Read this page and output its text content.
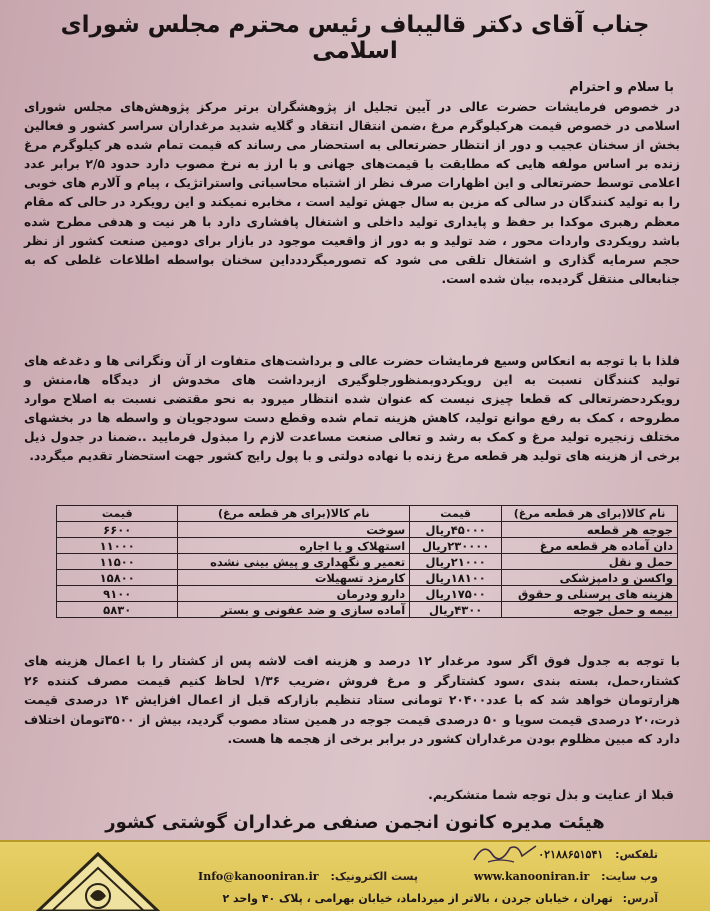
جناب آقای دکتر قالیباف رئیس محترم مجلس شورای اسلامی
با سلام و احترام
در خصوص فرمایشات حضرت عالی در آیین تجلیل از پژوهشگران برتر مرکز پژوهش‌های مجلس شورای اسلامی در خصوص قیمت هرکیلوگرم مرغ ،ضمن انتقال انتقاد و گلایه شدید مرغداران سراسر کشور و فعالین بخش از سخنان عجیب و دور از انتظار حضرتعالی به استحضار می رساند که قیمت تمام شده هر کیلوگرم مرغ زنده بر اساس مولفه هایی که مطابقت با قیمت‌های جهانی و با ارز به نرخ مصوب دارد حدود ۲/۵ برابر عدد اعلامی توسط حضرتعالی و این اظهارات صرف نظر از اشتباه محاسباتی واستراتژیک ، پیام و آلارم های خوبی را به تولید کنندگان در سالی که مزین به سال جهش تولید است ، مخابره نمیکند و این رویکرد در حالی که مقام معظم رهبری موکدا بر حفظ و پایداری تولید داخلی و اشتغال پافشاری دارد با هر نیت و هدفی مطرح شده باشد رویکردی واردات محور ، ضد تولید و به دور از واقعیت موجود در بازار برای دومین صنعت کشور از نظر حجم سرمایه گذاری و اشتغال تلقی می شود که تصورمیگرددداین سخنان بواسطه اطلاعات غلطی که به جنابعالی منتقل گردیده، بیان شده است.
فلذا با با توجه به انعکاس وسیع فرمایشات حضرت عالی و برداشت‌های متفاوت از آن ونگرانی ها و دغدغه های تولید کنندگان نسبت به این رویکردوبمنظورجلوگیری ازبرداشت های مخدوش از دیدگاه ها،منش و رویکردحضرتعالی که قطعا چیزی نیست که عنوان شده انتظار میرود به نحو مقتضی نسبت به اصلاح موارد مطروحه ، کمک به رفع موانع تولید، کاهش هزینه تمام شده وقطع دست سودجویان و واسطه ها در بخشهای مختلف زنجیره تولید مرغ و کمک به رشد و تعالی صنعت مساعدت لازم را مبذول فرمایید ..ضمنا در جدول ذیل برخی از هزینه های تولید هر قطعه مرغ زنده با نهاده دولتی و با پول رایج کشور جهت استحضار تقدیم میگردد.
نام کالا(برای هر قطعه مرغ)	قیمت	نام کالا(برای هر قطعه مرغ)	قیمت
جوجه هر قطعه	۴۵۰۰۰ریال	سوخت	۶۶۰۰
دان آماده هر قطعه مرغ	۲۳۰۰۰۰ریال	استهلاک و یا اجاره	۱۱۰۰۰
حمل و نقل	۲۱۰۰۰ریال	تعمیر و نگهداری و پیش بینی نشده	۱۱۵۰۰
واکسن و دامپزشکی	۱۸۱۰۰ریال	کارمزد تسهیلات	۱۵۸۰۰
هزینه های پرسنلی و حقوق	۱۷۵۰۰ریال	دارو ودرمان	۹۱۰۰
بیمه و حمل جوجه	۴۳۰۰ریال	آماده سازی و ضد عفونی و بستر	۵۸۳۰
با توجه به جدول فوق اگر سود مرغدار ۱۲ درصد و هزینه افت لاشه پس از کشتار را با اعمال هزینه های کشتار،حمل، بسته بندی ،سود کشتارگر و مرغ فروش ،ضریب ۱/۳۶ لحاظ کنیم قیمت مصرف کننده ۲۶ هزارتومان خواهد شد که با عدد۲۰۴۰۰ تومانی ستاد تنظیم بازارکه قبل از اعمال افزایش ۱۴ درصدی قیمت ذرت،۲۰ درصدی قیمت سویا و ۵۰ درصدی قیمت جوجه در همین ستاد مصوب گردید، بیش از ۳۵۰۰تومان اختلاف دارد که مبین مظلوم بودن مرغداران کشور در برابر برخی از هجمه ها هست.
قبلا از عنایت و بذل توجه شما متشکریم.
تلفکس: ۰۲۱۸۸۶۵۱۵۴۱
وب سایت: www.kanooniran.ir
پست الکترونیک: Info@kanooniran.ir
آدرس: تهران ، خیابان جردن ، بالاتر از میرداماد، خیابان بهرامی ، پلاک ۴۰ واحد ۲
هیئت مدیره کانون انجمن صنفی مرغداران گوشتی کشور
